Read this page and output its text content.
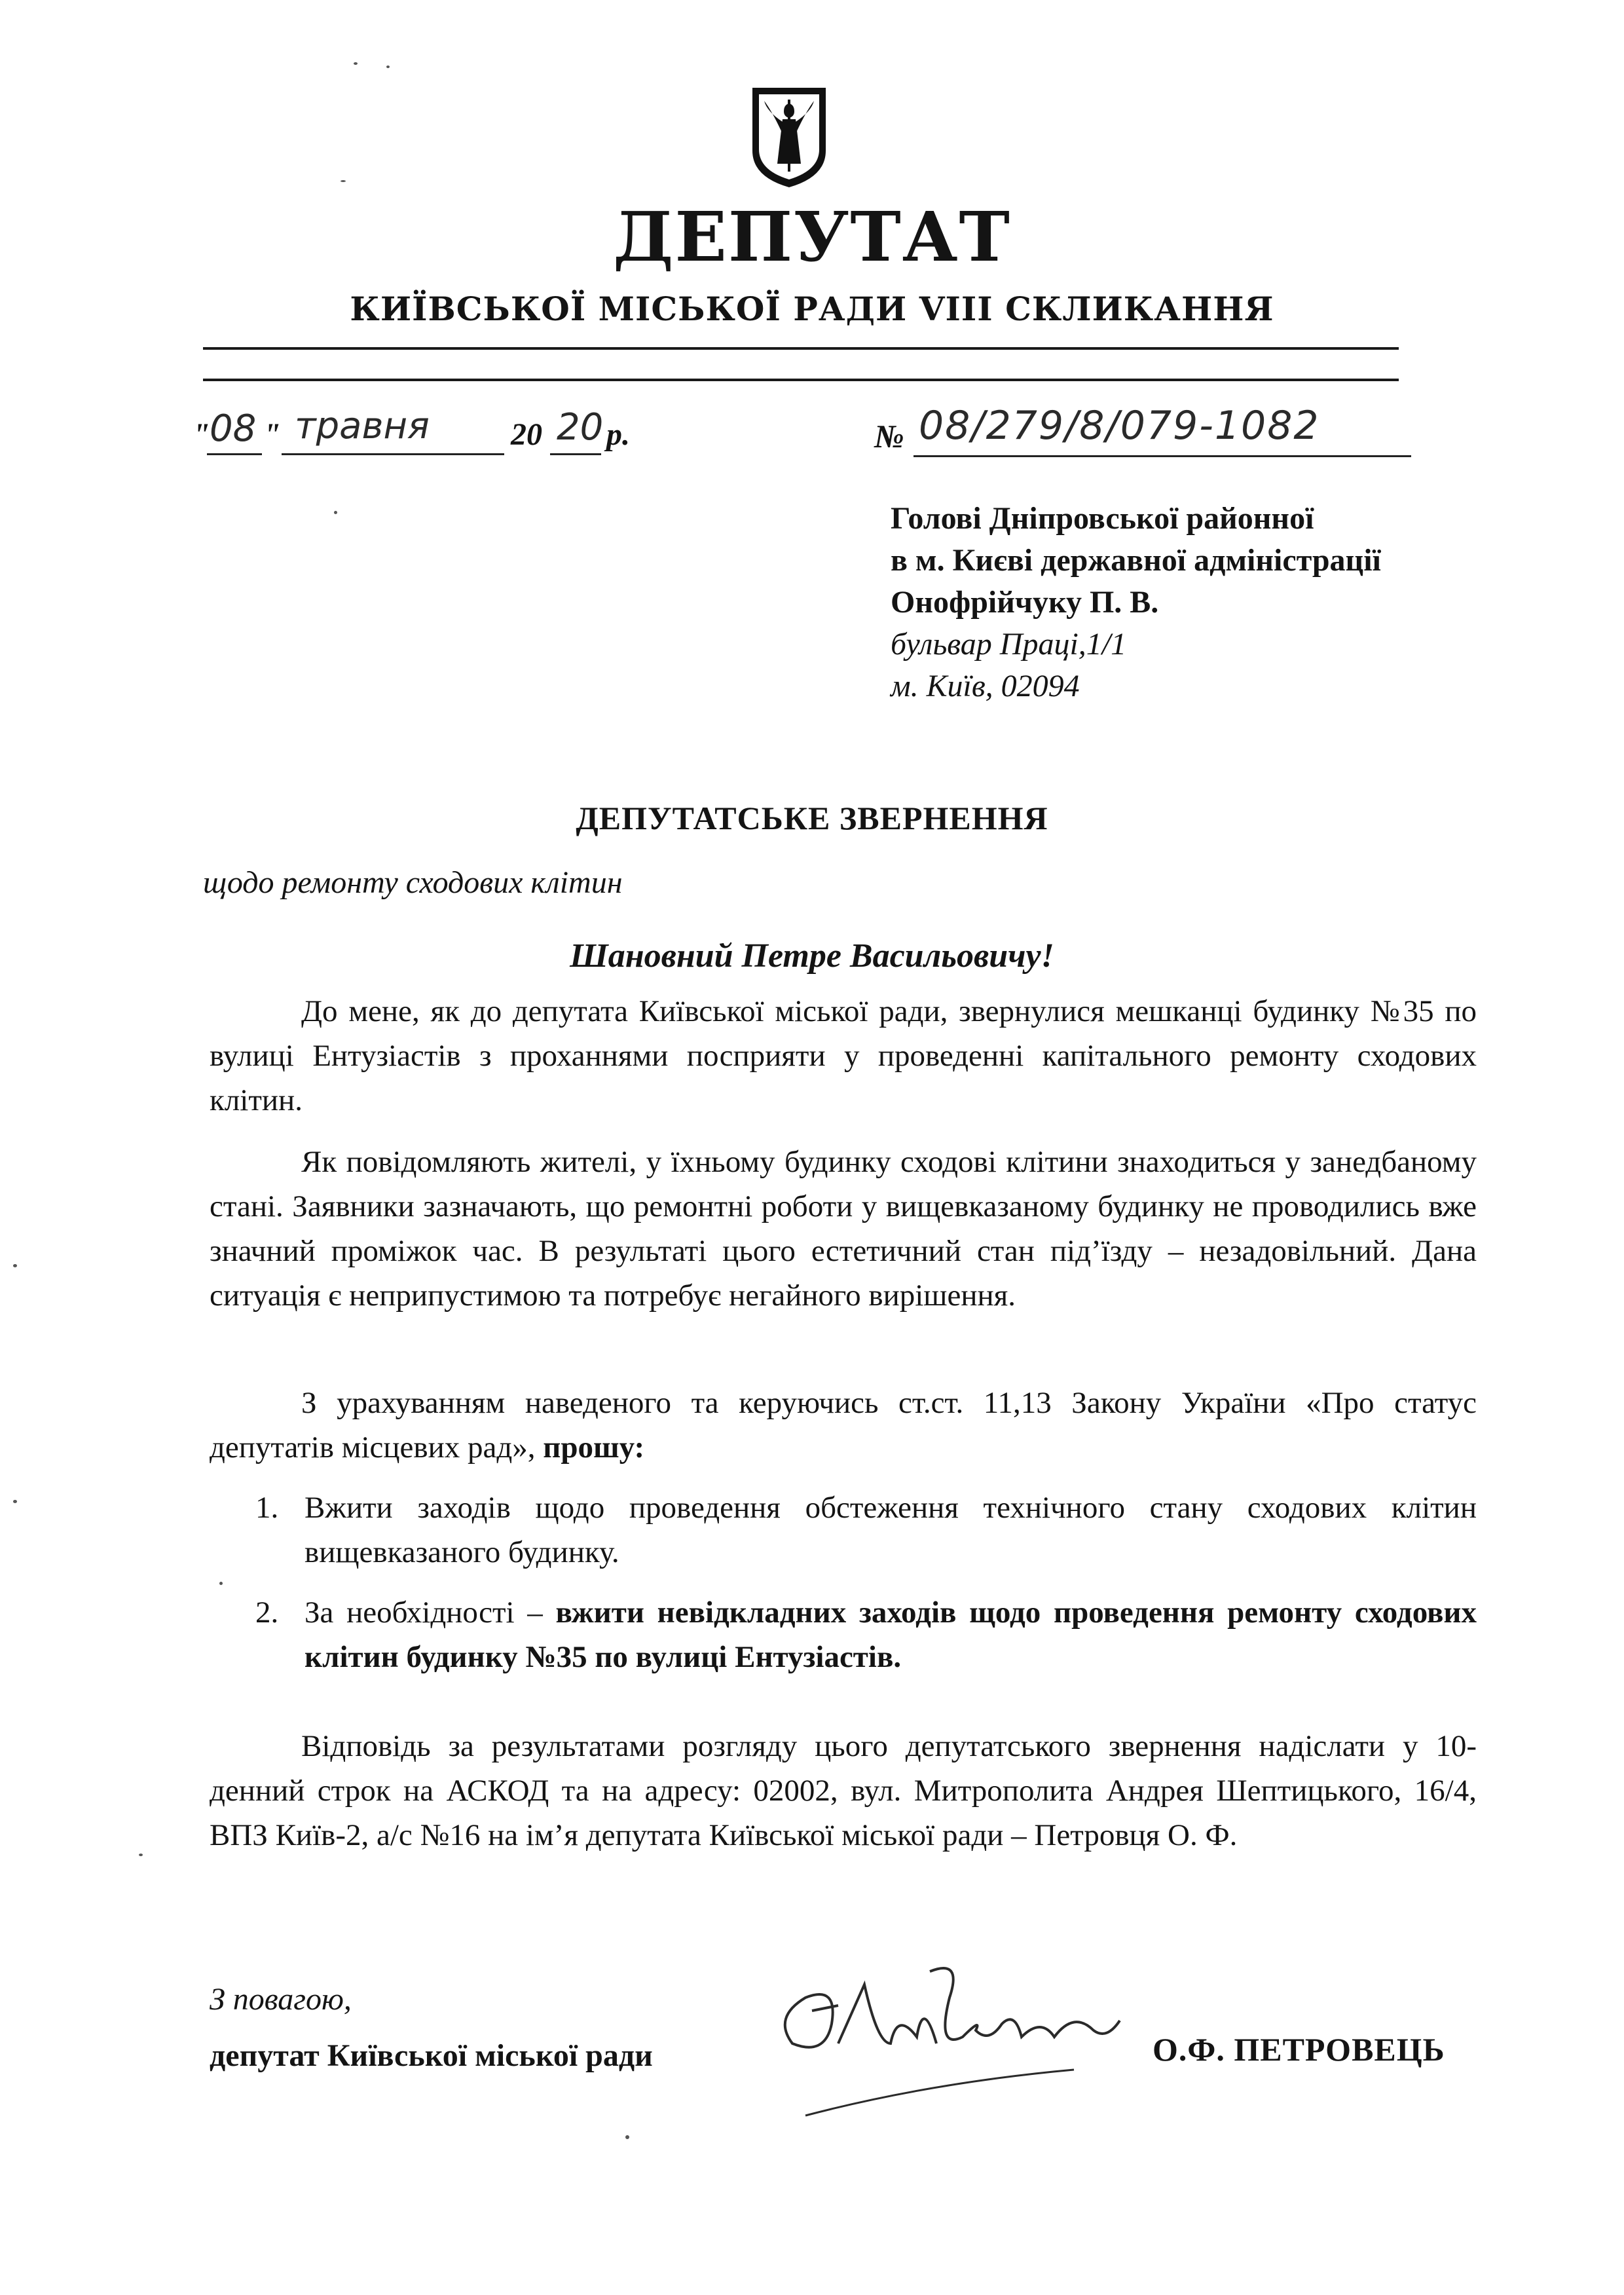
ДЕПУТАТ
КИЇВСЬКОЇ МІСЬКОЇ РАДИ VIII СКЛИКАННЯ
" 08 " травня	20 20 р.	№ 08/279/8/079-1082
Голові Дніпровської районної
в м. Києві державної адміністрації
Онофрійчуку П. В.
бульвар Праці,1/1
м. Київ, 02094
ДЕПУТАТСЬКЕ ЗВЕРНЕННЯ
щодо ремонту сходових клітин
Шановний Петре Васильовичу!

До мене, як до депутата Київської міської ради, звернулися мешканці будинку №35 по вулиці Ентузіастів з проханнями посприяти у проведенні капітального ремонту сходових клітин.

Як повідомляють жителі, у їхньому будинку сходові клітини знаходиться у занедбаному стані. Заявники зазначають, що ремонтні роботи у вищевказаному будинку не проводились вже значний проміжок час. В результаті цього естетичний стан під’їзду – незадовільний. Дана ситуація є неприпустимою та потребує негайного вирішення.

З урахуванням наведеного та керуючись ст.ст. 11,13 Закону України «Про статус депутатів місцевих рад», прошу:

1. Вжити заходів щодо проведення обстеження технічного стану сходових клітин вищевказаного будинку.
2. За необхідності – вжити невідкладних заходів щодо проведення ремонту сходових клітин будинку №35 по вулиці Ентузіастів.

Відповідь за результатами розгляду цього депутатського звернення надіслати у 10-денний строк на АСКОД та на адресу: 02002, вул. Митрополита Андрея Шептицького, 16/4, ВПЗ Київ-2, а/с №16 на ім’я депутата Київської міської ради – Петровця О. Ф.

З повагою,
депутат Київської міської ради	О.Ф. ПЕТРОВЕЦЬ
